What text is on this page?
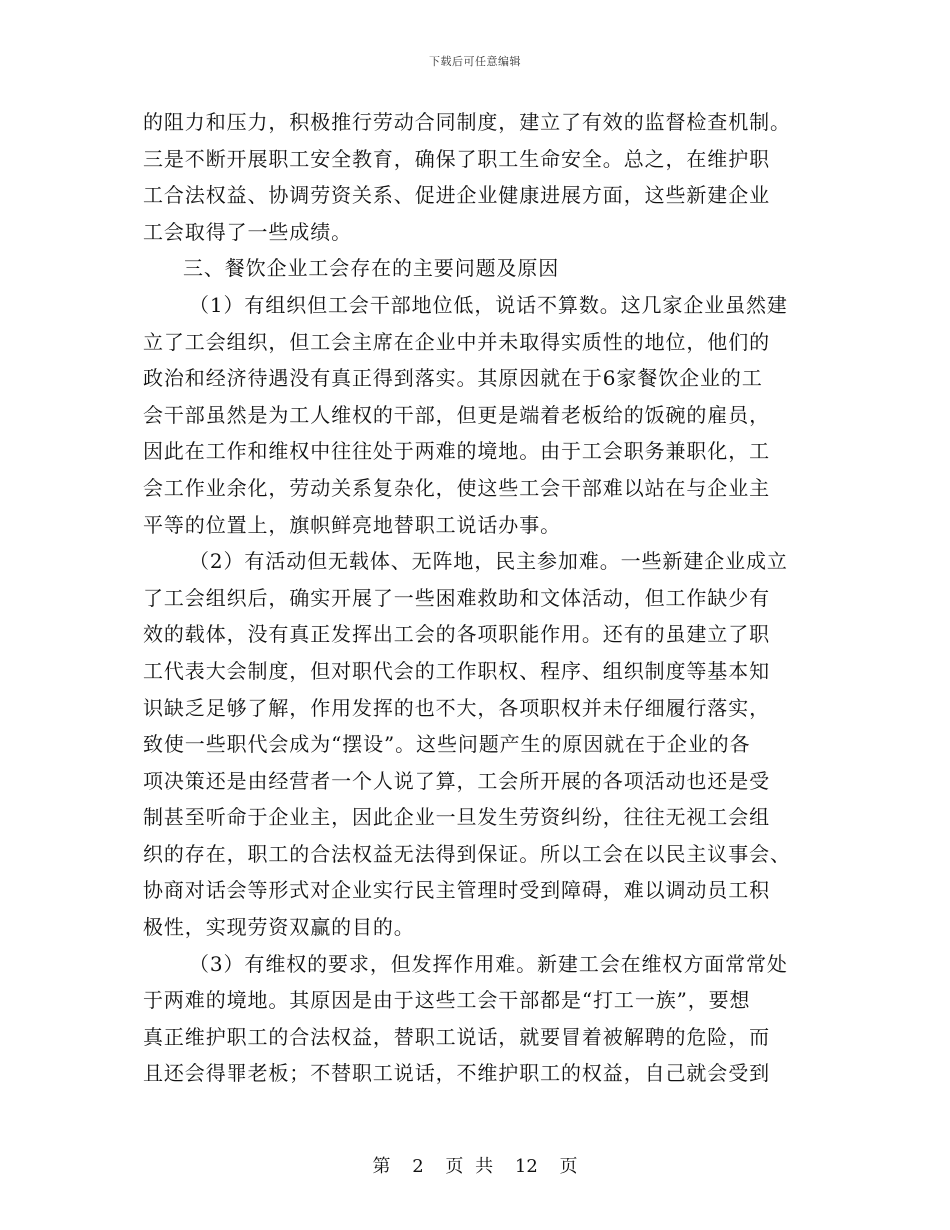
下载后可任意编辑
的阻力和压力，积极推行劳动合同制度，建立了有效的监督检查机制。
三是不断开展职工安全教育，确保了职工生命安全。总之，在维护职
工合法权益、协调劳资关系、促进企业健康进展方面，这些新建企业
工会取得了一些成绩。
三、餐饮企业工会存在的主要问题及原因
（1）有组织但工会干部地位低，说话不算数。这几家企业虽然建
立了工会组织，但工会主席在企业中并未取得实质性的地位，他们的
政治和经济待遇没有真正得到落实。其原因就在于6家餐饮企业的工
会干部虽然是为工人维权的干部，但更是端着老板给的饭碗的雇员，
因此在工作和维权中往往处于两难的境地。由于工会职务兼职化，工
会工作业余化，劳动关系复杂化，使这些工会干部难以站在与企业主
平等的位置上，旗帜鲜亮地替职工说话办事。
（2）有活动但无载体、无阵地，民主参加难。一些新建企业成立
了工会组织后，确实开展了一些困难救助和文体活动，但工作缺少有
效的载体，没有真正发挥出工会的各项职能作用。还有的虽建立了职
工代表大会制度，但对职代会的工作职权、程序、组织制度等基本知
识缺乏足够了解，作用发挥的也不大，各项职权并未仔细履行落实，
致使一些职代会成为“摆设”。这些问题产生的原因就在于企业的各
项决策还是由经营者一个人说了算，工会所开展的各项活动也还是受
制甚至听命于企业主，因此企业一旦发生劳资纠纷，往往无视工会组
织的存在，职工的合法权益无法得到保证。所以工会在以民主议事会、
协商对话会等形式对企业实行民主管理时受到障碍，难以调动员工积
极性，实现劳资双赢的目的。
（3）有维权的要求，但发挥作用难。新建工会在维权方面常常处
于两难的境地。其原因是由于这些工会干部都是“打工一族”，要想
真正维护职工的合法权益，替职工说话，就要冒着被解聘的危险，而
且还会得罪老板；不替职工说话，不维护职工的权益，自己就会受到
第 2 页 共 12 页
